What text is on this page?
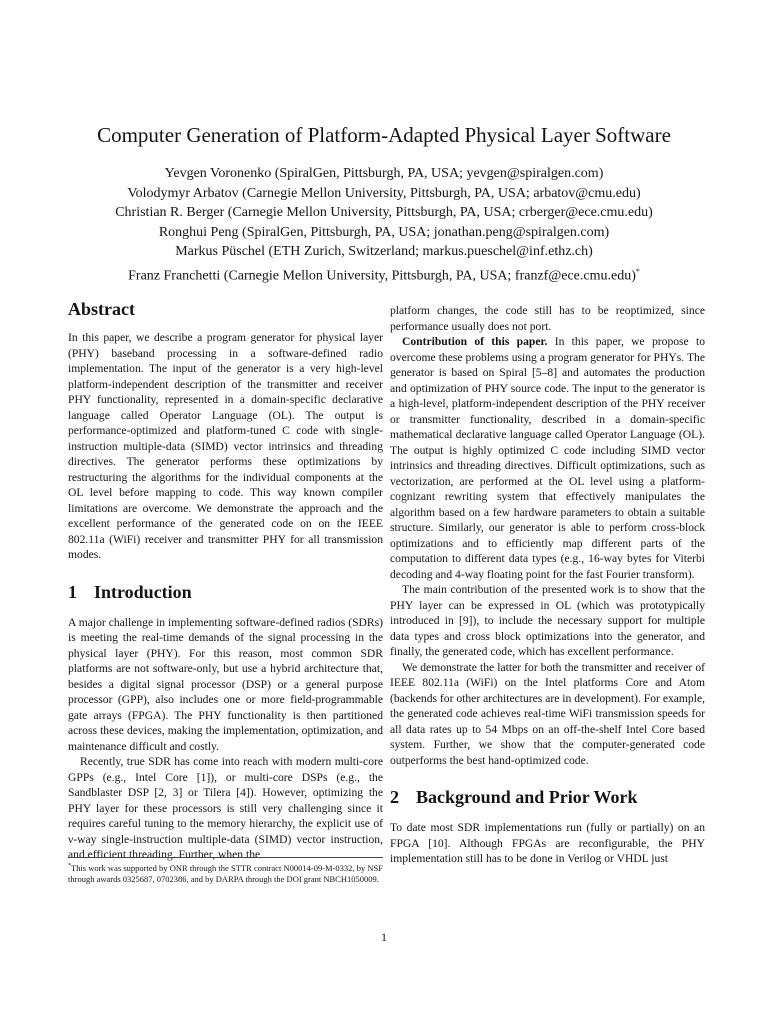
Computer Generation of Platform-Adapted Physical Layer Software
Yevgen Voronenko (SpiralGen, Pittsburgh, PA, USA; yevgen@spiralgen.com)
Volodymyr Arbatov (Carnegie Mellon University, Pittsburgh, PA, USA; arbatov@cmu.edu)
Christian R. Berger (Carnegie Mellon University, Pittsburgh, PA, USA; crberger@ece.cmu.edu)
Ronghui Peng (SpiralGen, Pittsburgh, PA, USA; jonathan.peng@spiralgen.com)
Markus Püschel (ETH Zurich, Switzerland; markus.pueschel@inf.ethz.ch)
Franz Franchetti (Carnegie Mellon University, Pittsburgh, PA, USA; franzf@ece.cmu.edu)*
Abstract

In this paper, we describe a program generator for physical layer (PHY) baseband processing in a software-defined radio implementation. The input of the generator is a very high-level platform-independent description of the transmitter and receiver PHY functionality, represented in a domain-specific declarative language called Operator Language (OL). The output is performance-optimized and platform-tuned C code with single-instruction multiple-data (SIMD) vector intrinsics and threading directives. The generator performs these optimizations by restructuring the algorithms for the individual components at the OL level before mapping to code. This way known compiler limitations are overcome. We demonstrate the approach and the excellent performance of the generated code on on the IEEE 802.11a (WiFi) receiver and transmitter PHY for all transmission modes.

1 Introduction

A major challenge in implementing software-defined radios (SDRs) is meeting the real-time demands of the signal processing in the physical layer (PHY). For this reason, most common SDR platforms are not software-only, but use a hybrid architecture that, besides a digital signal processor (DSP) or a general purpose processor (GPP), also includes one or more field-programmable gate arrays (FPGA). The PHY functionality is then partitioned across these devices, making the implementation, optimization, and maintenance difficult and costly.

Recently, true SDR has come into reach with modern multi-core GPPs (e.g., Intel Core [1]), or multi-core DSPs (e.g., the Sandblaster DSP [2, 3] or Tilera [4]). However, optimizing the PHY layer for these processors is still very challenging since it requires careful tuning to the memory hierarchy, the explicit use of ν-way single-instruction multiple-data (SIMD) vector instruction, and efficient threading. Further, when the

platform changes, the code still has to be reoptimized, since performance usually does not port.

Contribution of this paper. In this paper, we propose to overcome these problems using a program generator for PHYs. The generator is based on Spiral [5–8] and automates the production and optimization of PHY source code. The input to the generator is a high-level, platform-independent description of the PHY receiver or transmitter functionality, described in a domain-specific mathematical declarative language called Operator Language (OL). The output is highly optimized C code including SIMD vector intrinsics and threading directives. Difficult optimizations, such as vectorization, are performed at the OL level using a platform-cognizant rewriting system that effectively manipulates the algorithm based on a few hardware parameters to obtain a suitable structure. Similarly, our generator is able to perform cross-block optimizations and to efficiently map different parts of the computation to different data types (e.g., 16-way bytes for Viterbi decoding and 4-way floating point for the fast Fourier transform).

The main contribution of the presented work is to show that the PHY layer can be expressed in OL (which was prototypically introduced in [9]), to include the necessary support for multiple data types and cross block optimizations into the generator, and finally, the generated code, which has excellent performance.

We demonstrate the latter for both the transmitter and receiver of IEEE 802.11a (WiFi) on the Intel platforms Core and Atom (backends for other architectures are in development). For example, the generated code achieves real-time WiFi transmission speeds for all data rates up to 54 Mbps on an off-the-shelf Intel Core based system. Further, we show that the computer-generated code outperforms the best hand-optimized code.

2 Background and Prior Work

To date most SDR implementations run (fully or partially) on an FPGA [10]. Although FPGAs are reconfigurable, the PHY implementation still has to be done in Verilog or VHDL just

*This work was supported by ONR through the STTR contract N00014-09-M-0332, by NSF through awards 0325687, 0702386, and by DARPA through the DOI grant NBCH1050009.
1
